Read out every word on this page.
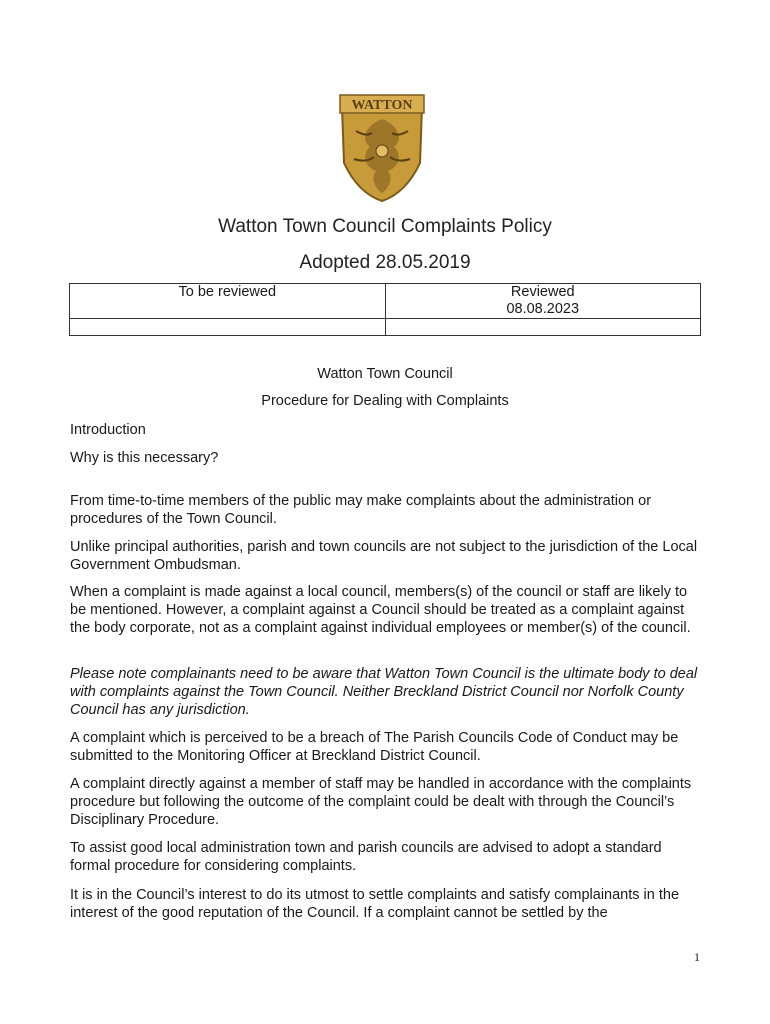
WATTON
Watton Town Council Complaints Policy
Adopted 28.05.2019
To be reviewed	Reviewed
08.08.2023

Watton Town Council
Procedure for Dealing with Complaints
Introduction
Why is this necessary?

From time-to-time members of the public may make complaints about the administration or procedures of the Town Council.

Unlike principal authorities, parish and town councils are not subject to the jurisdiction of the Local Government Ombudsman.

When a complaint is made against a local council, members(s) of the council or staff are likely to be mentioned. However, a complaint against a Council should be treated as a complaint against the body corporate, not as a complaint against individual employees or member(s) of the council.

Please note complainants need to be aware that Watton Town Council is the ultimate body to deal with complaints against the Town Council. Neither Breckland District Council nor Norfolk County Council has any jurisdiction.

A complaint which is perceived to be a breach of The Parish Councils Code of Conduct may be submitted to the Monitoring Officer at Breckland District Council.

A complaint directly against a member of staff may be handled in accordance with the complaints procedure but following the outcome of the complaint could be dealt with through the Council’s Disciplinary Procedure.

To assist good local administration town and parish councils are advised to adopt a standard formal procedure for considering complaints.

It is in the Council’s interest to do its utmost to settle complaints and satisfy complainants in the interest of the good reputation of the Council. If a complaint cannot be settled by the

1
